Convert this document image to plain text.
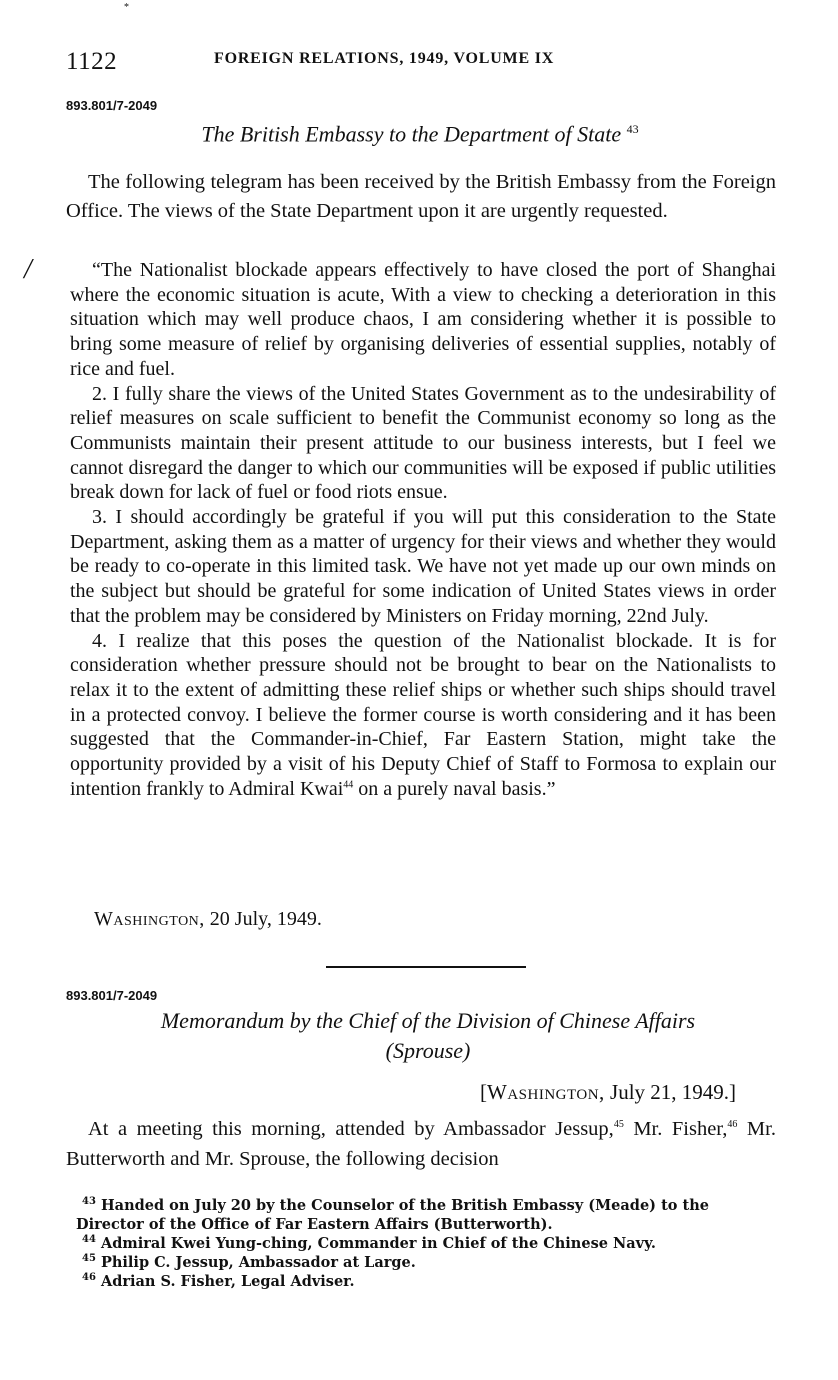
*
/
1122	FOREIGN RELATIONS, 1949, VOLUME IX
893.801/7-2049
The British Embassy to the Department of State $^{43}$

The following telegram has been received by the British Embassy from the Foreign Office. The views of the State Department upon it are urgently requested.

“The Nationalist blockade appears effectively to have closed the port of Shanghai where the economic situation is acute, With a view to checking a deterioration in this situation which may well produce chaos, I am considering whether it is possible to bring some measure of relief by organising deliveries of essential supplies, notably of rice and fuel.

2. I fully share the views of the United States Government as to the undesirability of relief measures on scale sufficient to benefit the Communist economy so long as the Communists maintain their present attitude to our business interests, but I feel we cannot disregard the danger to which our communities will be exposed if public utilities break down for lack of fuel or food riots ensue.

3. I should accordingly be grateful if you will put this consideration to the State Department, asking them as a matter of urgency for their views and whether they would be ready to co-operate in this limited task. We have not yet made up our own minds on the subject but should be grateful for some indication of United States views in order that the problem may be considered by Ministers on Friday morning, 22nd July.

4. I realize that this poses the question of the Nationalist blockade. It is for consideration whether pressure should not be brought to bear on the Nationalists to relax it to the extent of admitting these relief ships or whether such ships should travel in a protected convoy. I believe the former course is worth considering and it has been suggested that the Commander-in-Chief, Far Eastern Station, might take the opportunity provided by a visit of his Deputy Chief of Staff to Formosa to explain our intention frankly to Admiral Kwai$^{44}$ on a purely naval basis.”

Washington, 20 July, 1949.
893.801/7-2049
Memorandum by the Chief of the Division of Chinese Affairs
(Sprouse)
[Washington, July 21, 1949.]

At a meeting this morning, attended by Ambassador Jessup,$^{45}$ Mr. Fisher,$^{46}$ Mr. Butterworth and Mr. Sprouse, the following decision

$^{43}$ Handed on July 20 by the Counselor of the British Embassy (Meade) to the

Director of the Office of Far Eastern Affairs (Butterworth).

$^{44}$ Admiral Kwei Yung-ching, Commander in Chief of the Chinese Navy.

$^{45}$ Philip C. Jessup, Ambassador at Large.

$^{46}$ Adrian S. Fisher, Legal Adviser.
